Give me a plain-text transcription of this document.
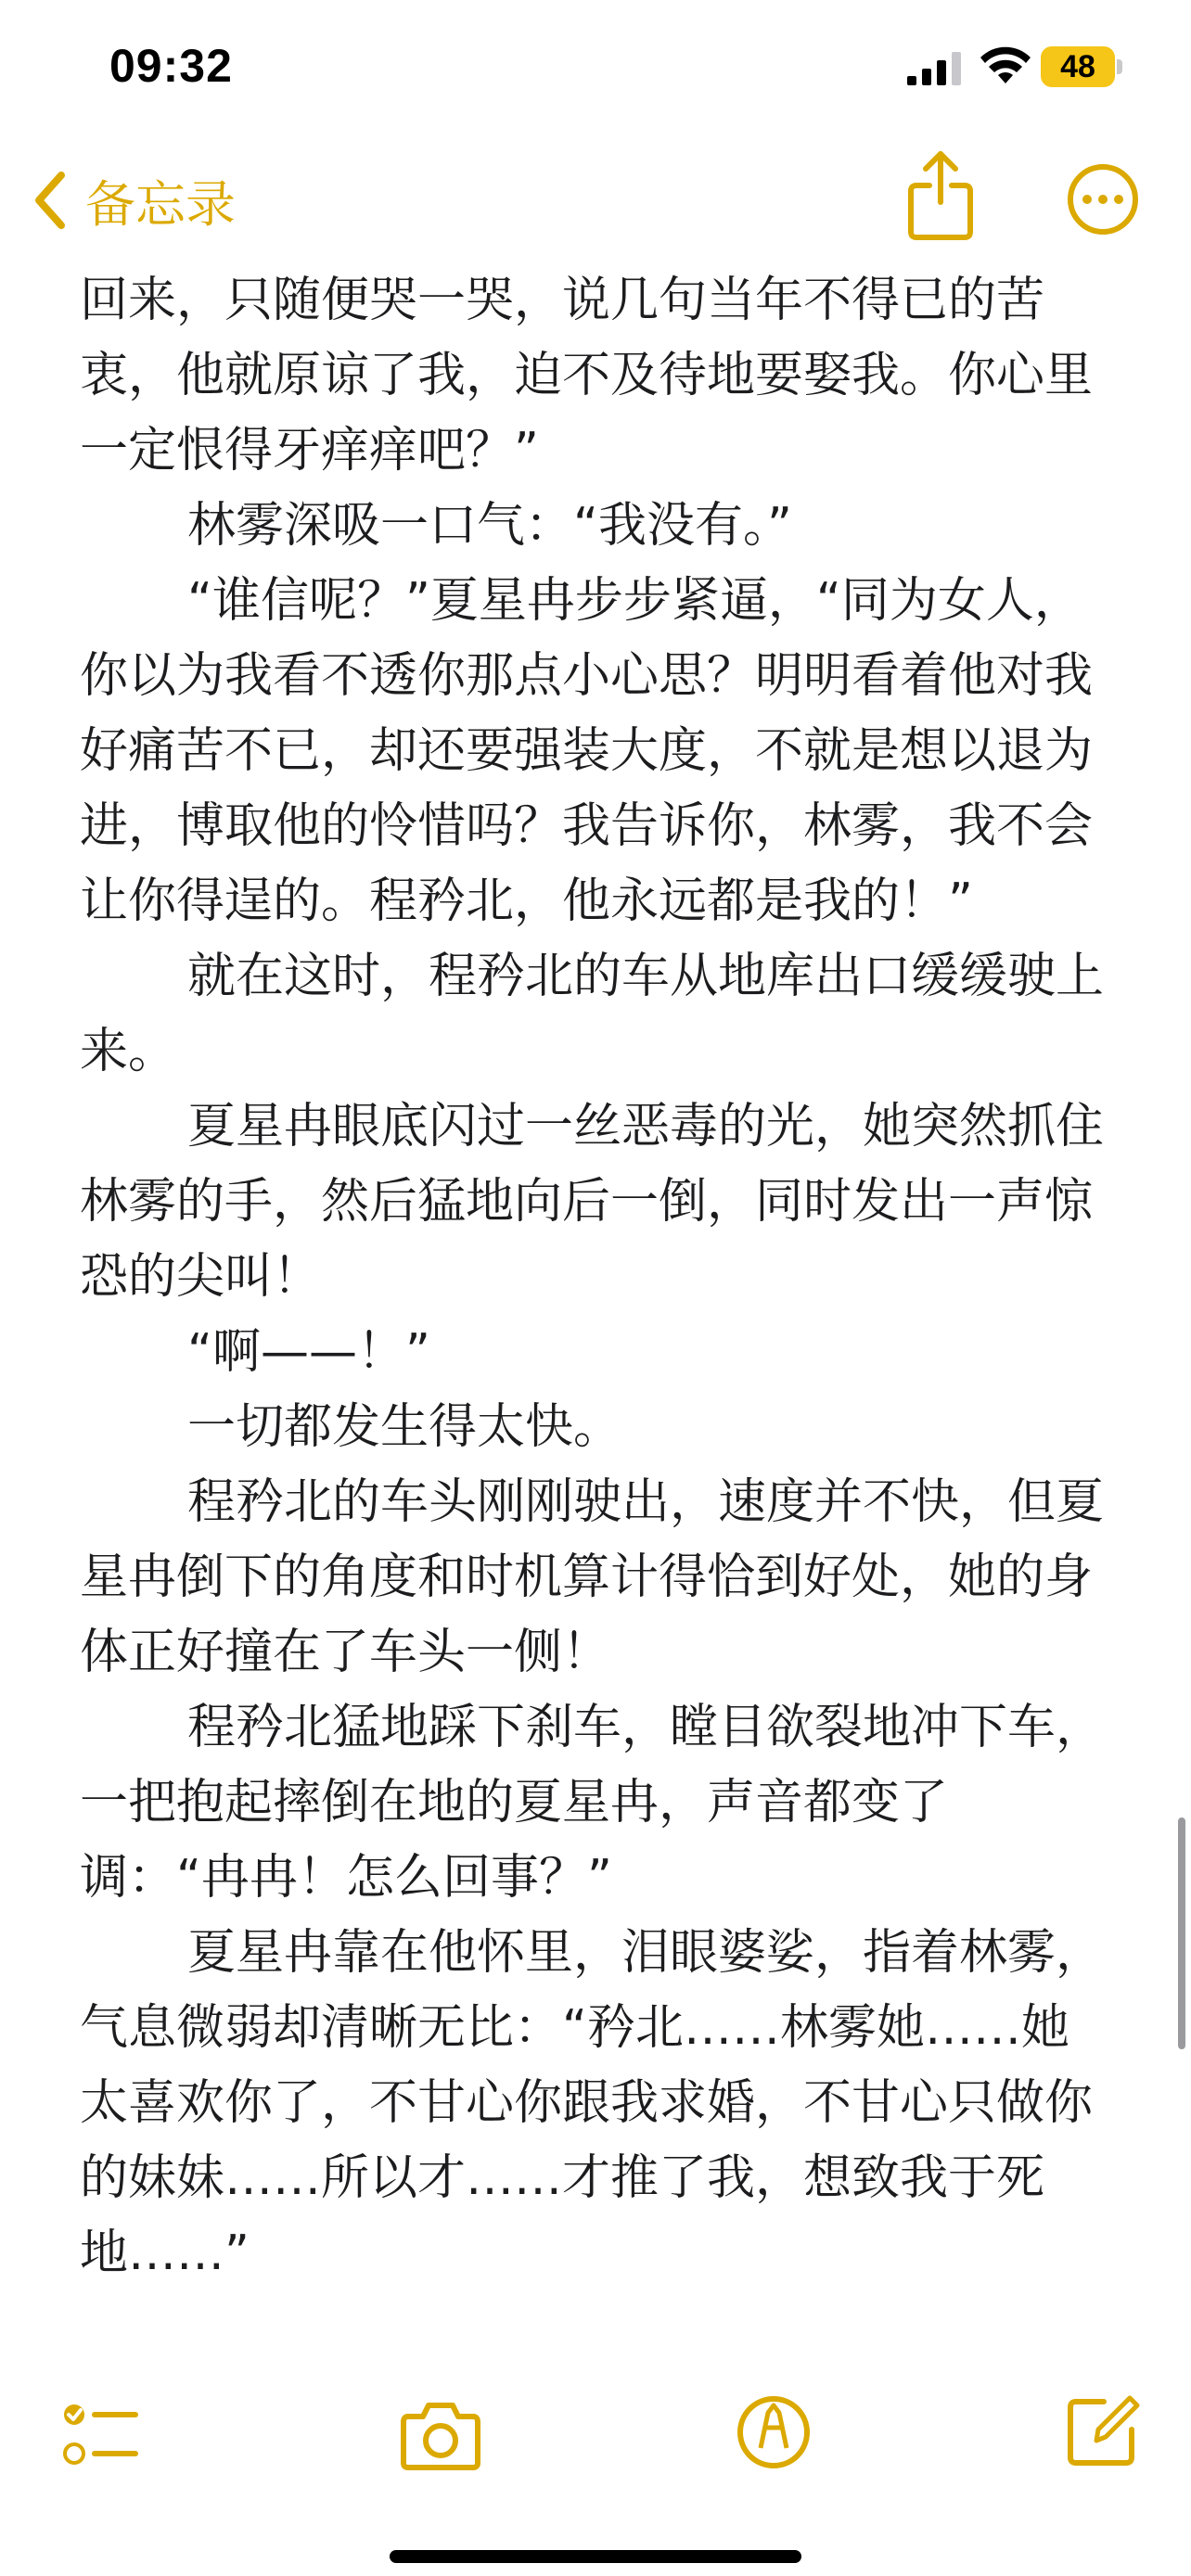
09:32	48

备忘录
回来，只随便哭一哭，说几句当年不得已的苦衷，他就原谅了我，迫不及待地要娶我。你心里一定恨得牙痒痒吧？”
林雾深吸一口气：“我没有。”
“谁信呢？”夏星冉步步紧逼，“同为女人，你以为我看不透你那点小心思？明明看着他对我好痛苦不已，却还要强装大度，不就是想以退为进，博取他的怜惜吗？我告诉你，林雾，我不会让你得逞的。程矜北，他永远都是我的！”
就在这时，程矜北的车从地库出口缓缓驶上来。
夏星冉眼底闪过一丝恶毒的光，她突然抓住林雾的手，然后猛地向后一倒，同时发出一声惊恐的尖叫！
“啊——！”
一切都发生得太快。
程矜北的车头刚刚驶出，速度并不快，但夏星冉倒下的角度和时机算计得恰到好处，她的身体正好撞在了车头一侧！
程矜北猛地踩下刹车，瞠目欲裂地冲下车，一把抱起摔倒在地的夏星冉，声音都变了调：“冉冉！怎么回事？”
夏星冉靠在他怀里，泪眼婆娑，指着林雾，气息微弱却清晰无比：“矜北……林雾她……她太喜欢你了，不甘心你跟我求婚，不甘心只做你的妹妹……所以才……才推了我，想致我于死地……”
